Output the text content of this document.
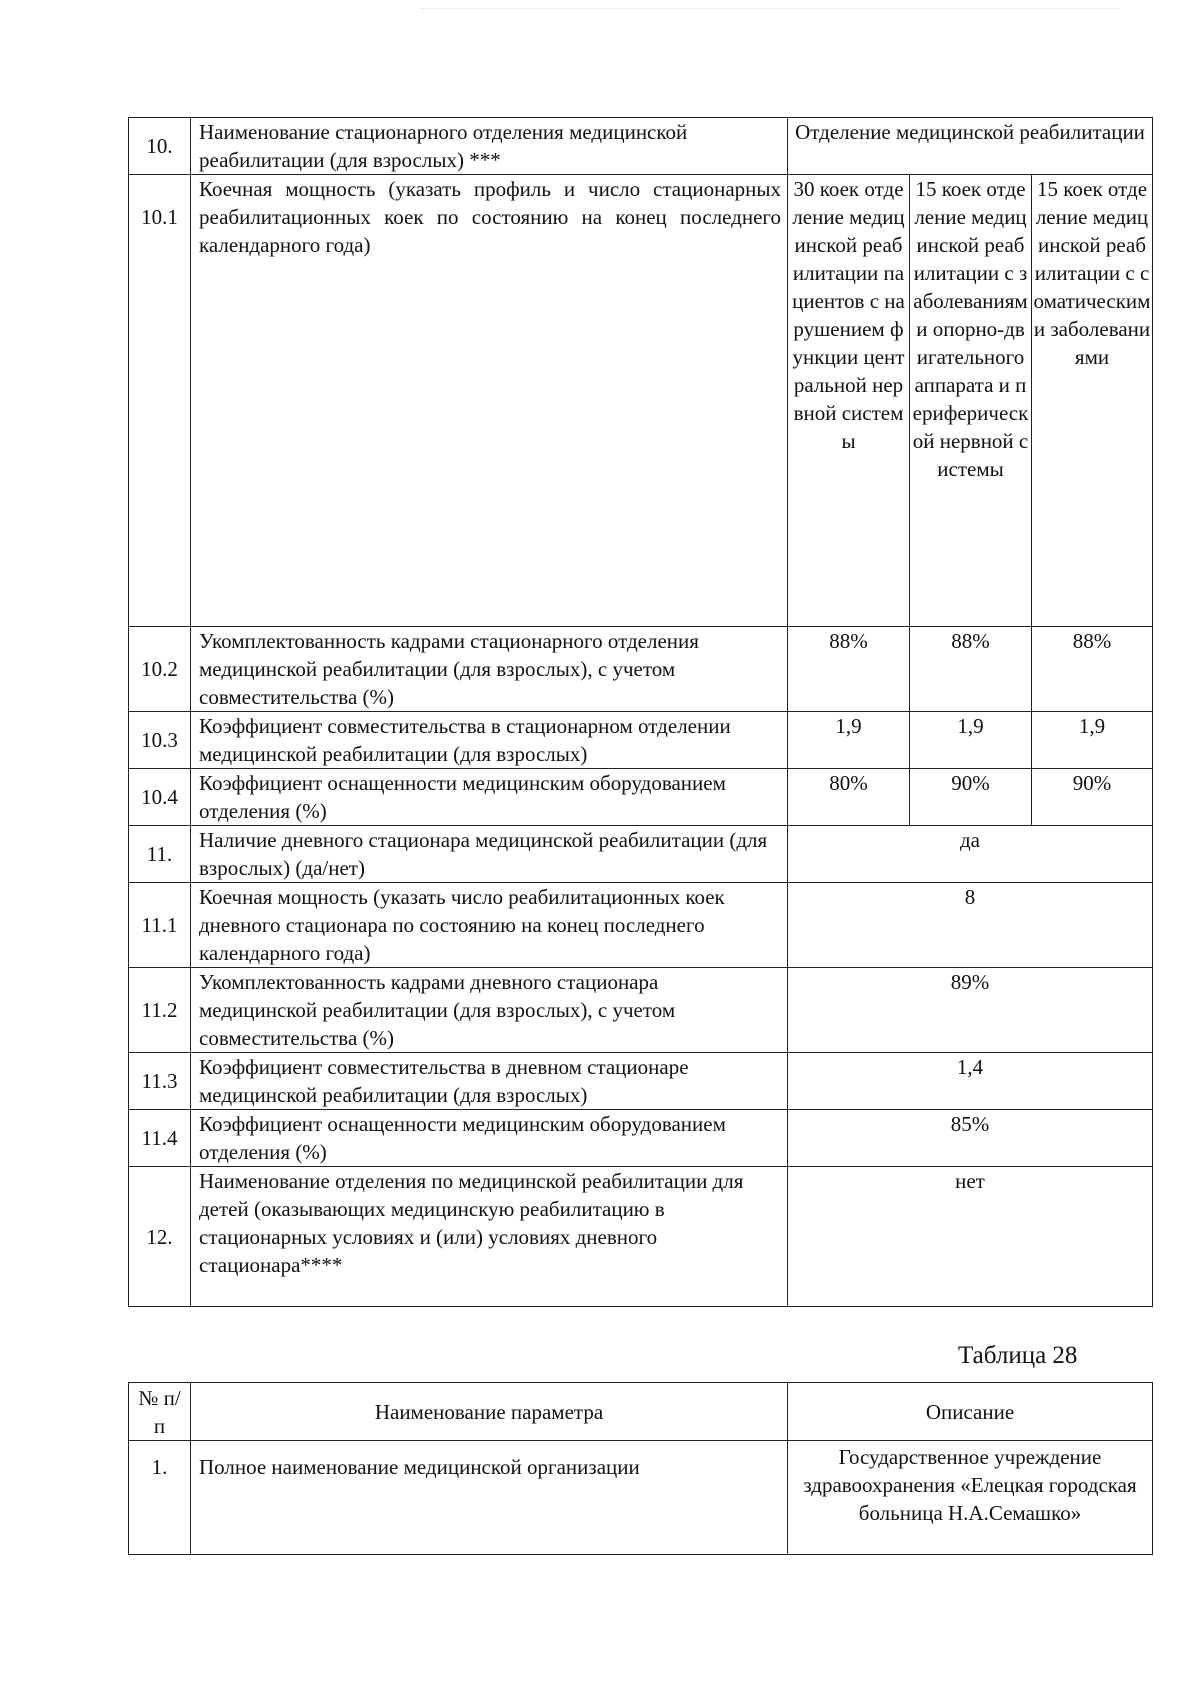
10.	Наименование стационарного отделения медицинской реабилитации (для взрослых) ***	Отделение медицинской реабилитации		
10.1	Коечная мощность (указать профиль и число стационарных реабилитационных коек по состоянию на конец последнего календарного года)	30 коек отделение медицинской реабилитации пациентов с нарушением функции центральной нервной системы	15 коек отделение медицинской реабилитации с заболеваниями опорно-двигательного аппарата и периферической нервной системы	15 коек отделение медицинской реабилитации с соматическими заболеваниями
10.2	Укомплектованность кадрами стационарного отделения медицинской реабилитации (для взрослых), с учетом совместительства (%)	88%	88%	88%
10.3	Коэффициент совместительства в стационарном отделении медицинской реабилитации (для взрослых)	1,9	1,9	1,9
10.4	Коэффициент оснащенности медицинским оборудованием отделения (%)	80%	90%	90%
11.	Наличие дневного стационара медицинской реабилитации (для взрослых) (да/нет)	да		
11.1	Коечная мощность (указать число реабилитационных коек дневного стационара по состоянию на конец последнего календарного года)	8		
11.2	Укомплектованность кадрами дневного стационара медицинской реабилитации (для взрослых), с учетом совместительства (%)	89%		
11.3	Коэффициент совместительства в дневном стационаре медицинской реабилитации (для взрослых)	1,4		
11.4	Коэффициент оснащенности медицинским оборудованием отделения (%)	85%		
12.	Наименование отделения по медицинской реабилитации для детей (оказывающих медицинскую реабилитацию в стационарных условиях и (или) условиях дневного стационара****	нет		
Таблица 28
№ п/п	Наименование параметра	Описание
1.	Полное наименование медицинской организации	Государственное учреждение здравоохранения «Елецкая городская больница Н.А.Семашко»
